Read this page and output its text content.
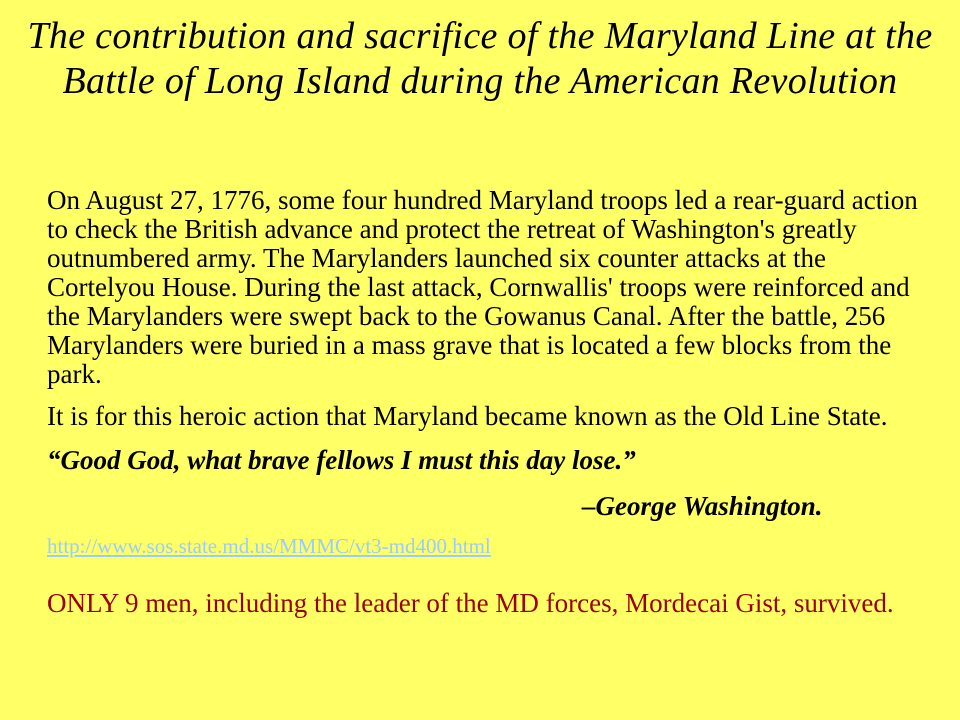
The contribution and sacrifice of the Maryland Line at the Battle of Long Island during the American Revolution

On August 27, 1776, some four hundred Maryland troops led a rear-guard action to check the British advance and protect the retreat of Washington's greatly outnumbered army. The Marylanders launched six counter attacks at the Cortelyou House. During the last attack, Cornwallis' troops were reinforced and the Marylanders were swept back to the Gowanus Canal. After the battle, 256 Marylanders were buried in a mass grave that is located a few blocks from the park.

It is for this heroic action that Maryland became known as the Old Line State.

“Good God, what brave fellows I must this day lose.”

–George Washington.

http://www.sos.state.md.us/MMMC/vt3-md400.html

ONLY 9 men, including the leader of the MD forces, Mordecai Gist, survived.
